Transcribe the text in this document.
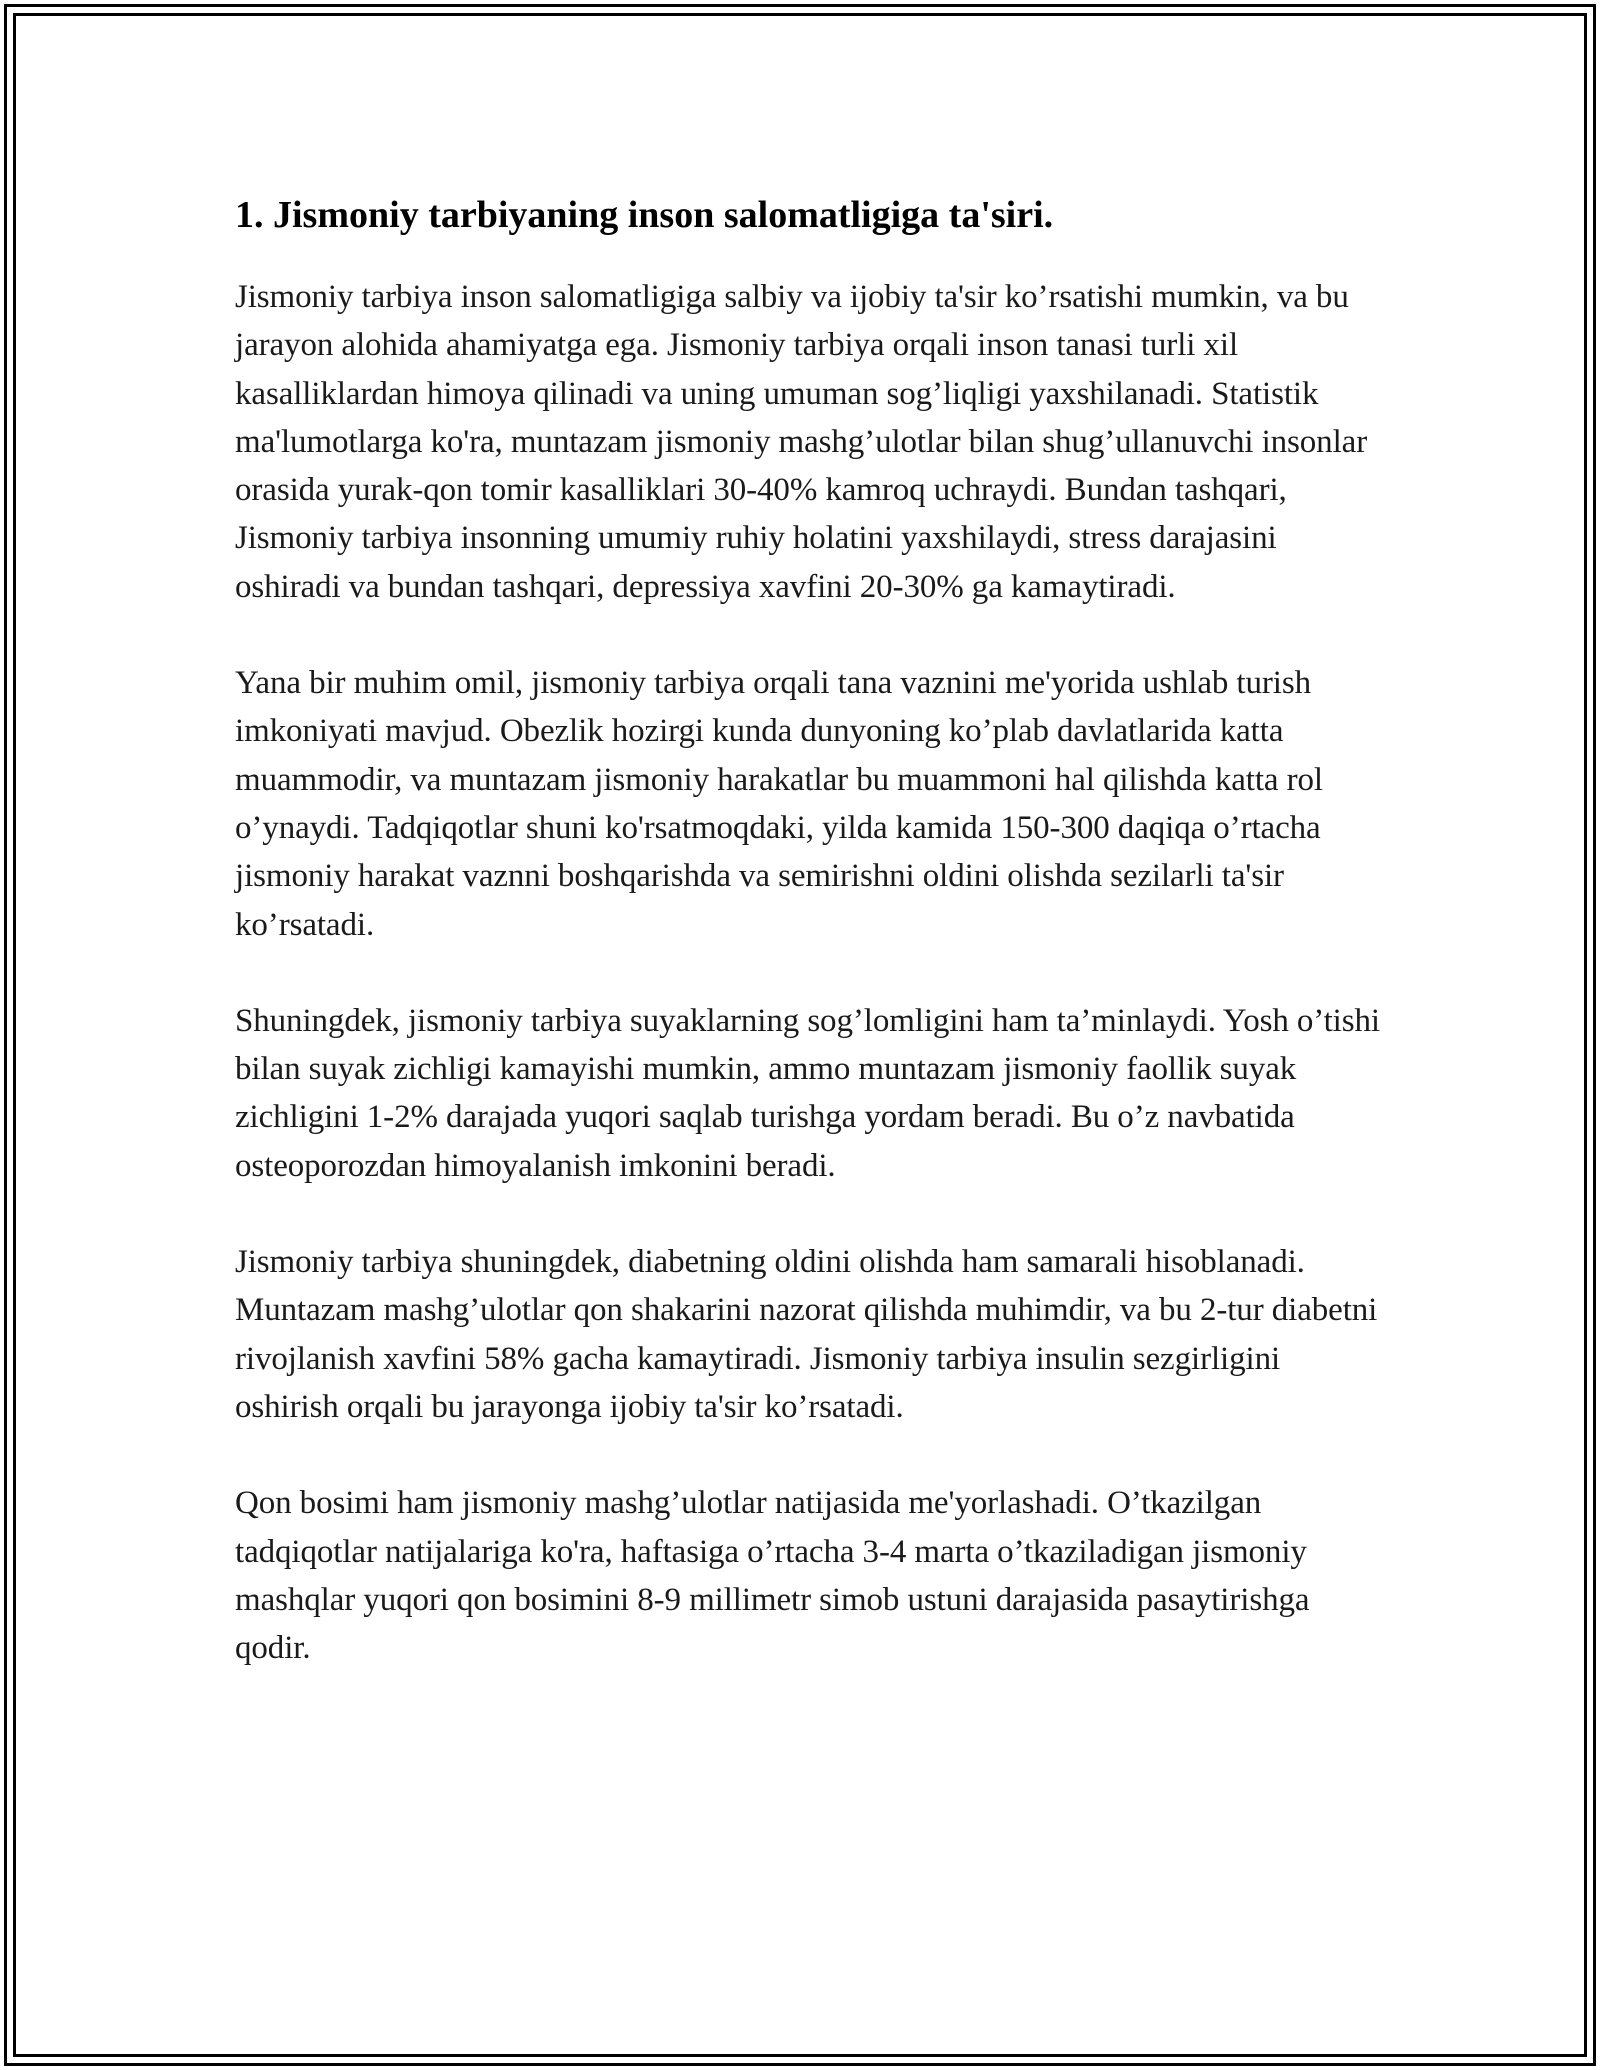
1. Jismoniy tarbiyaning inson salomatligiga ta'siri.

Jismoniy tarbiya inson salomatligiga salbiy va ijobiy ta'sir ko’rsatishi mumkin, va bu jarayon alohida ahamiyatga ega. Jismoniy tarbiya orqali inson tanasi turli xil kasalliklardan himoya qilinadi va uning umuman sog’liqligi yaxshilanadi. Statistik ma'lumotlarga ko'ra, muntazam jismoniy mashg’ulotlar bilan shug’ullanuvchi insonlar orasida yurak-qon tomir kasalliklari 30-40% kamroq uchraydi. Bundan tashqari, Jismoniy tarbiya insonning umumiy ruhiy holatini yaxshilaydi, stress darajasini oshiradi va bundan tashqari, depressiya xavfini 20-30% ga kamaytiradi.

Yana bir muhim omil, jismoniy tarbiya orqali tana vaznini me'yorida ushlab turish imkoniyati mavjud. Obezlik hozirgi kunda dunyoning ko’plab davlatlarida katta muammodir, va muntazam jismoniy harakatlar bu muammoni hal qilishda katta rol o’ynaydi. Tadqiqotlar shuni ko'rsatmoqdaki, yilda kamida 150-300 daqiqa o’rtacha jismoniy harakat vaznni boshqarishda va semirishni oldini olishda sezilarli ta'sir ko’rsatadi.

Shuningdek, jismoniy tarbiya suyaklarning sog’lomligini ham ta’minlaydi. Yosh o’tishi bilan suyak zichligi kamayishi mumkin, ammo muntazam jismoniy faollik suyak zichligini 1-2% darajada yuqori saqlab turishga yordam beradi. Bu o’z navbatida osteoporozdan himoyalanish imkonini beradi.

Jismoniy tarbiya shuningdek, diabetning oldini olishda ham samarali hisoblanadi. Muntazam mashg’ulotlar qon shakarini nazorat qilishda muhimdir, va bu 2-tur diabetni rivojlanish xavfini 58% gacha kamaytiradi. Jismoniy tarbiya insulin sezgirligini oshirish orqali bu jarayonga ijobiy ta'sir ko’rsatadi.

Qon bosimi ham jismoniy mashg’ulotlar natijasida me'yorlashadi. O’tkazilgan tadqiqotlar natijalariga ko'ra, haftasiga o’rtacha 3-4 marta o’tkaziladigan jismoniy mashqlar yuqori qon bosimini 8-9 millimetr simob ustuni darajasida pasaytirishga qodir.
